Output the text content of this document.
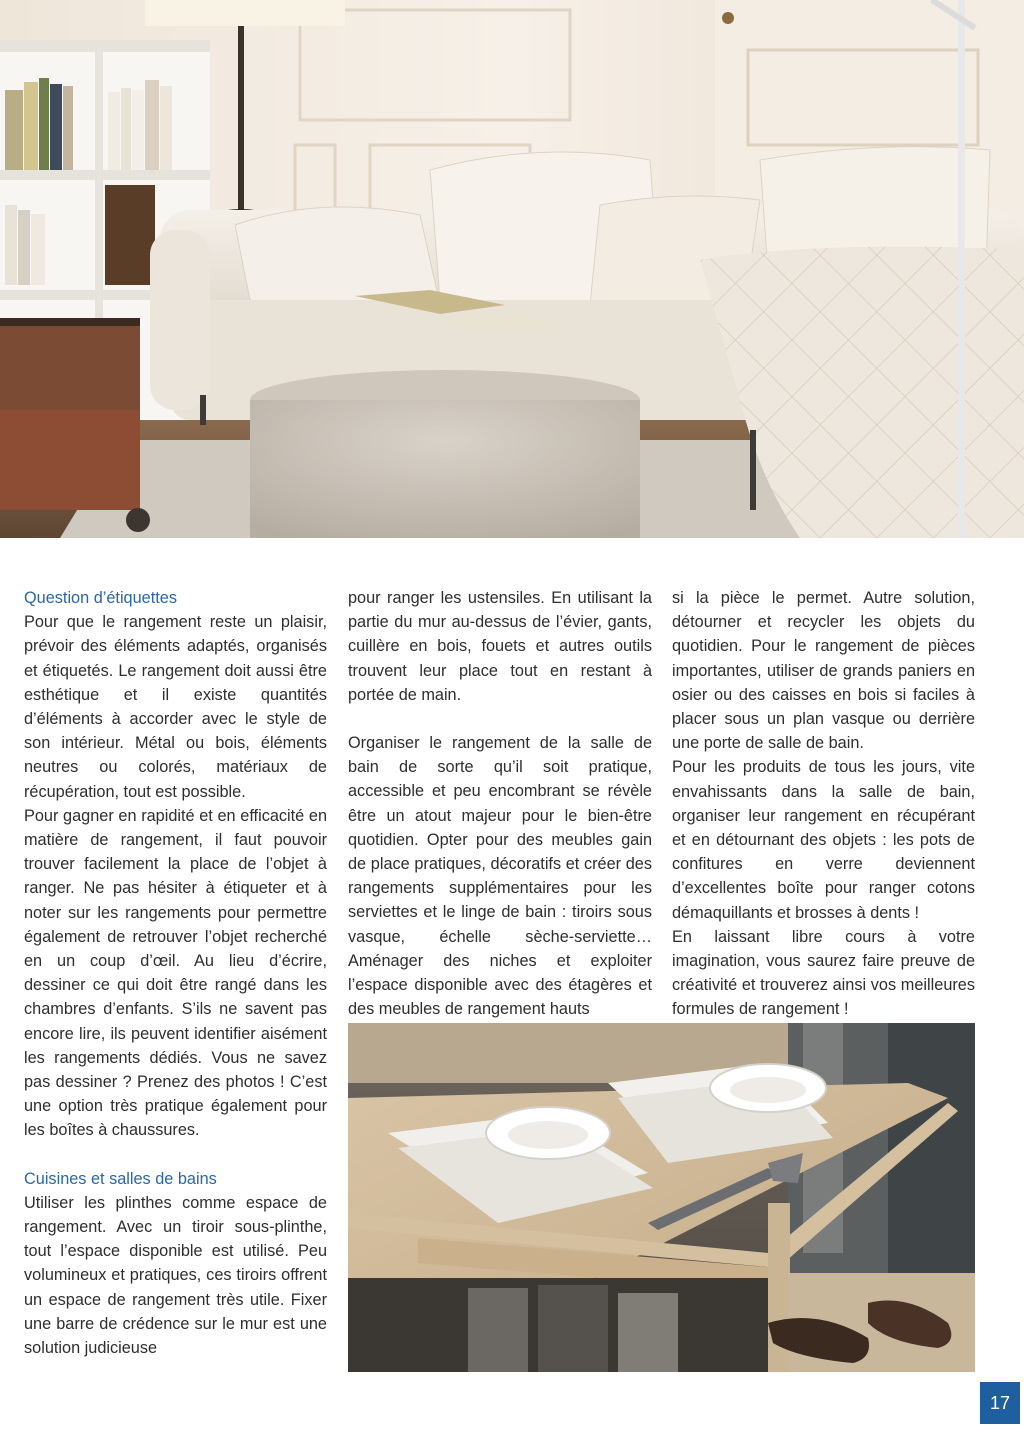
Question d’étiquettes

Pour que le rangement reste un plaisir, prévoir des éléments adaptés, organisés et étiquetés. Le rangement doit aussi être esthétique et il existe quantités d’éléments à accorder avec le style de son intérieur. Métal ou bois, éléments neutres ou colorés, matériaux de récupération, tout est possible.

Pour gagner en rapidité et en efficacité en matière de rangement, il faut pouvoir trouver facilement la place de l’objet à ranger. Ne pas hésiter à étiqueter et à noter sur les rangements pour permettre également de retrouver l’objet recherché en un coup d’œil. Au lieu d’écrire, dessiner ce qui doit être rangé dans les chambres d’enfants. S’ils ne savent pas encore lire, ils peuvent identifier aisément les rangements dédiés. Vous ne savez pas dessiner ? Prenez des photos ! C’est une option très pratique également pour les boîtes à chaussures.

Cuisines et salles de bains

Utiliser les plinthes comme espace de rangement. Avec un tiroir sous-plinthe, tout l’espace disponible est utilisé. Peu volumineux et pratiques, ces tiroirs offrent un espace de rangement très utile. Fixer une barre de crédence sur le mur est une solution judicieuse

pour ranger les ustensiles. En utilisant la partie du mur au-dessus de l’évier, gants, cuillère en bois, fouets et autres outils trouvent leur place tout en restant à portée de main.

Organiser le rangement de la salle de bain de sorte qu’il soit pratique, accessible et peu encombrant se révèle être un atout majeur pour le bien-être quotidien. Opter pour des meubles gain de place pratiques, décoratifs et créer des rangements supplémentaires pour les serviettes et le linge de bain : tiroirs sous vasque, échelle sèche-serviette… Aménager des niches et exploiter l’espace disponible avec des étagères et des meubles de rangement hauts

si la pièce le permet. Autre solution, détourner et recycler les objets du quotidien. Pour le rangement de pièces importantes, utiliser de grands paniers en osier ou des caisses en bois si faciles à placer sous un plan vasque ou derrière une porte de salle de bain.

Pour les produits de tous les jours, vite envahissants dans la salle de bain, organiser leur rangement en récupérant et en détournant des objets : les pots de confitures en verre deviennent d’excellentes boîte pour ranger cotons démaquillants et brosses à dents !

En laissant libre cours à votre imagination, vous saurez faire preuve de créativité et trouverez ainsi vos meilleures formules de rangement !

17
